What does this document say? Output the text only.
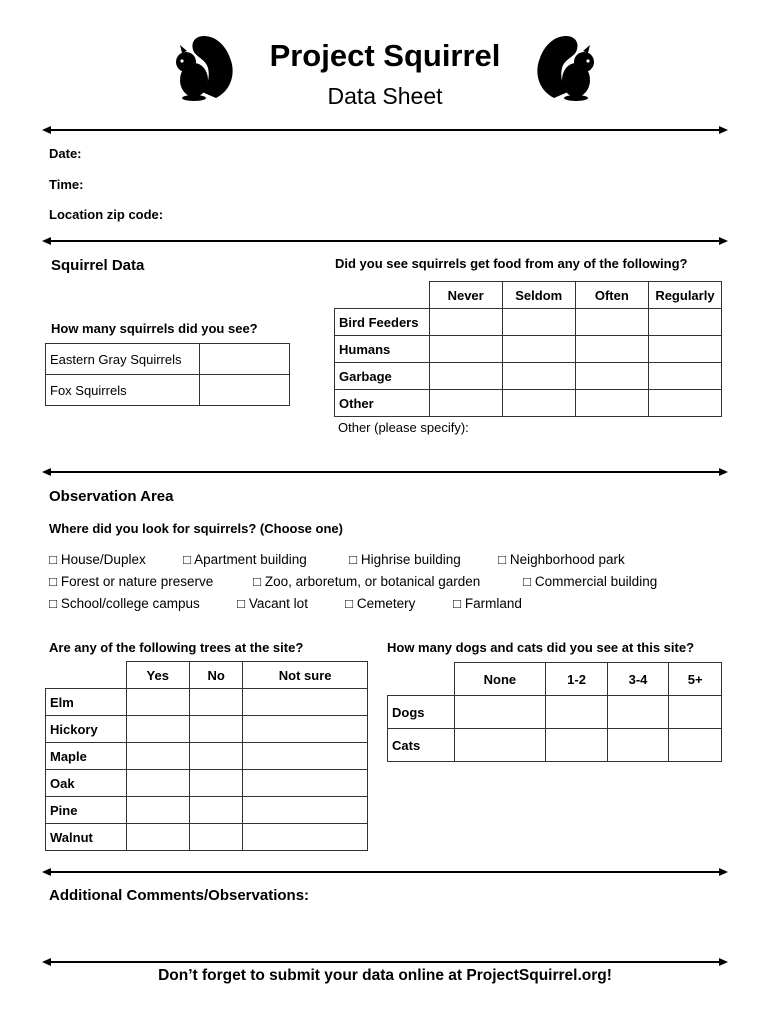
Project Squirrel
Data Sheet
Date:
Time:
Location zip code:
Squirrel Data
How many squirrels did you see?
Eastern Gray Squirrels	
Fox Squirrels	
Did you see squirrels get food from any of the following?
	Never	Seldom	Often	Regularly
Bird Feeders				
Humans				
Garbage				
Other				
Other (please specify):
Observation Area
Where did you look for squirrels? (Choose one)
□ House/Duplex	□ Apartment building	□ Highrise building	□ Neighborhood park
□ Forest or nature preserve	□ Zoo, arboretum, or botanical garden	□ Commercial building
□ School/college campus	□ Vacant lot	□ Cemetery	□ Farmland
Are any of the following trees at the site?
	Yes	No	Not sure
Elm			
Hickory			
Maple			
Oak			
Pine			
Walnut			
How many dogs and cats did you see at this site?
	None	1-2	3-4	5+
Dogs				
Cats				
Additional Comments/Observations:
Don’t forget to submit your data online at ProjectSquirrel.org!
